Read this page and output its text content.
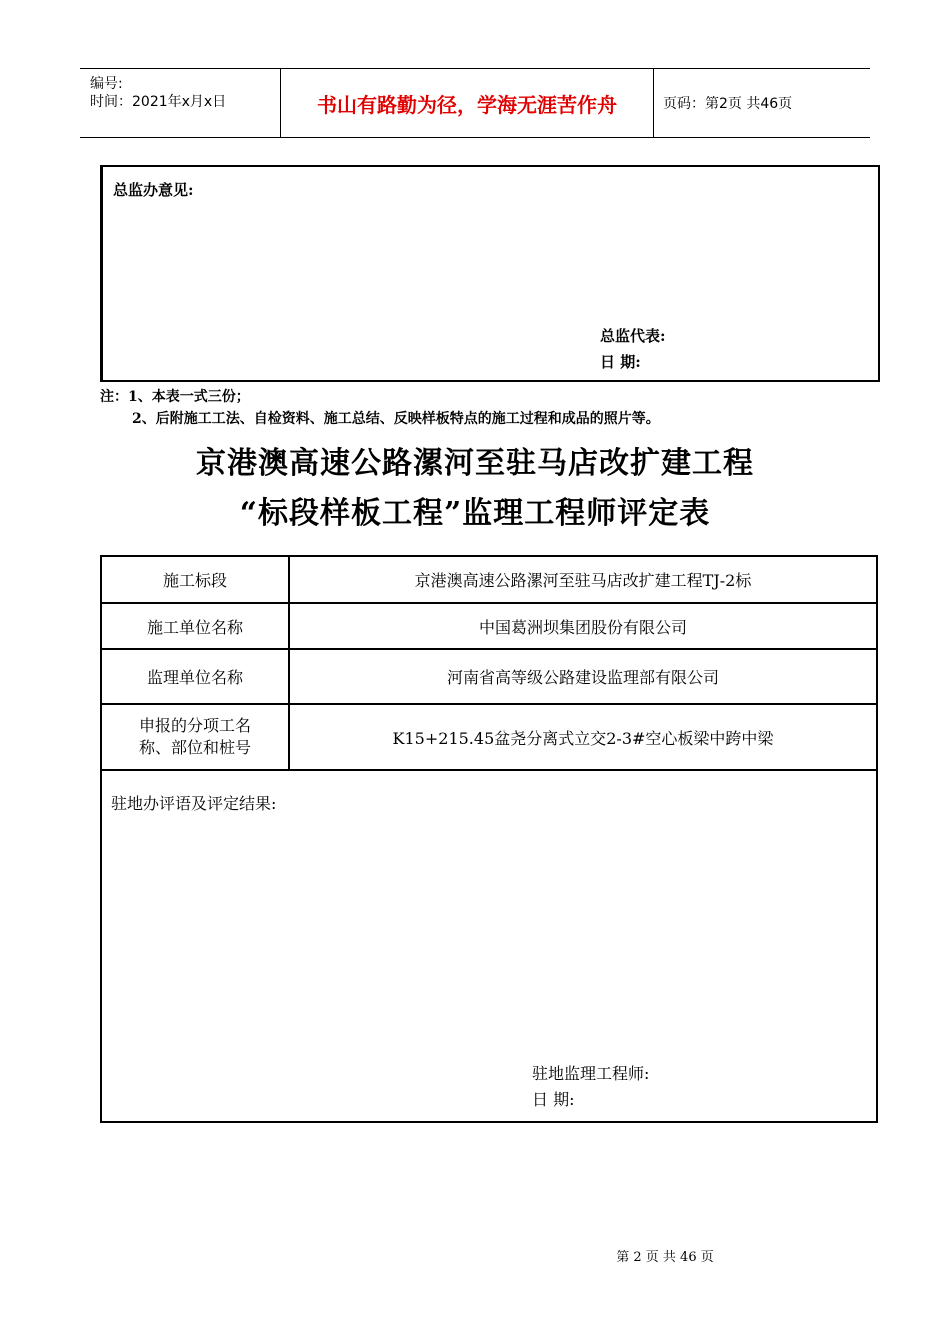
编号:
时间：2021年x月x日	书山有路勤为径，学海无涯苦作舟	页码：第2页 共46页
总监办意见:
总监代表:
日 期:
注：1、本表一式三份；
2、后附施工工法、自检资料、施工总结、反映样板特点的施工过程和成品的照片等。
京港澳高速公路漯河至驻马店改扩建工程
“标段样板工程”监理工程师评定表
施工标段	京港澳高速公路漯河至驻马店改扩建工程TJ-2标
施工单位名称	中国葛洲坝集团股份有限公司
监理单位名称	河南省高等级公路建设监理部有限公司

申报的分项工名
称、部位和桩号	K15+215.45盆尧分离式立交2-3#空心板梁中跨中梁

驻地办评语及评定结果:
驻地监理工程师:
日 期:	
第 2 页 共 46 页
